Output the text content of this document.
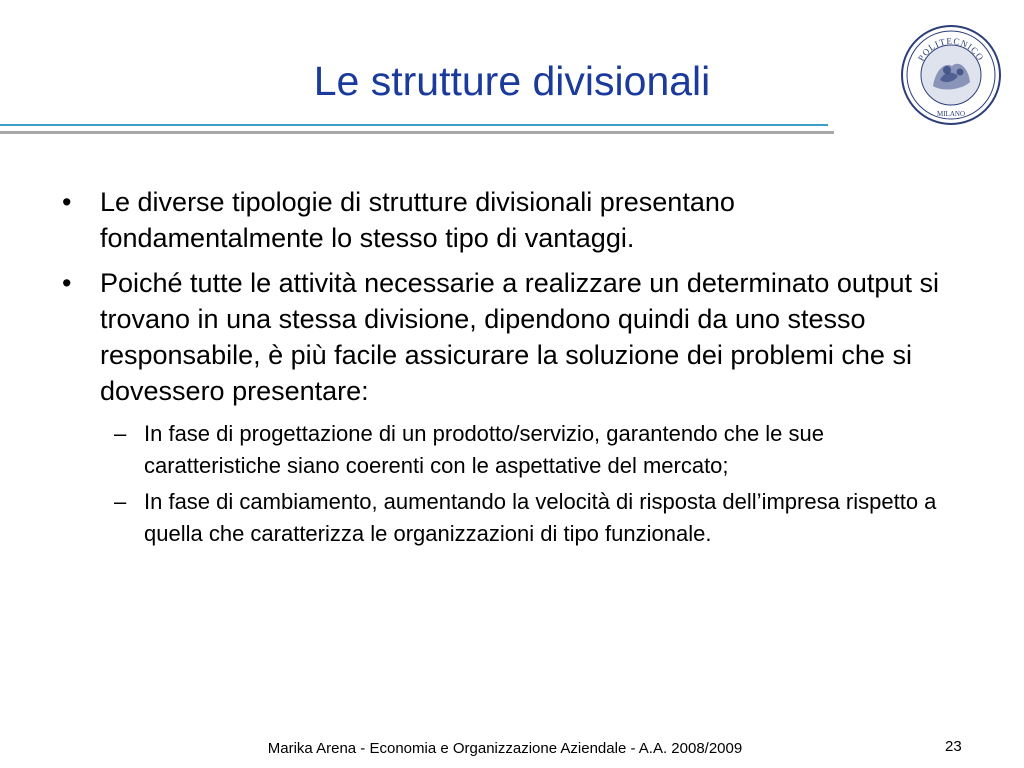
Le strutture divisionali
POLITECNICO
MILANO
• Le diverse tipologie di strutture divisionali presentano fondamentalmente lo stesso tipo di vantaggi.
• Poiché tutte le attività necessarie a realizzare un determinato output si trovano in una stessa divisione, dipendono quindi da uno stesso responsabile, è più facile assicurare la soluzione dei problemi che si dovessero presentare:
– In fase di progettazione di un prodotto/servizio, garantendo che le sue caratteristiche siano coerenti con le aspettative del mercato;
– In fase di cambiamento, aumentando la velocità di risposta dell’impresa rispetto a quella che caratterizza le organizzazioni di tipo funzionale.
Marika Arena - Economia e Organizzazione Aziendale - A.A. 2008/2009	23
